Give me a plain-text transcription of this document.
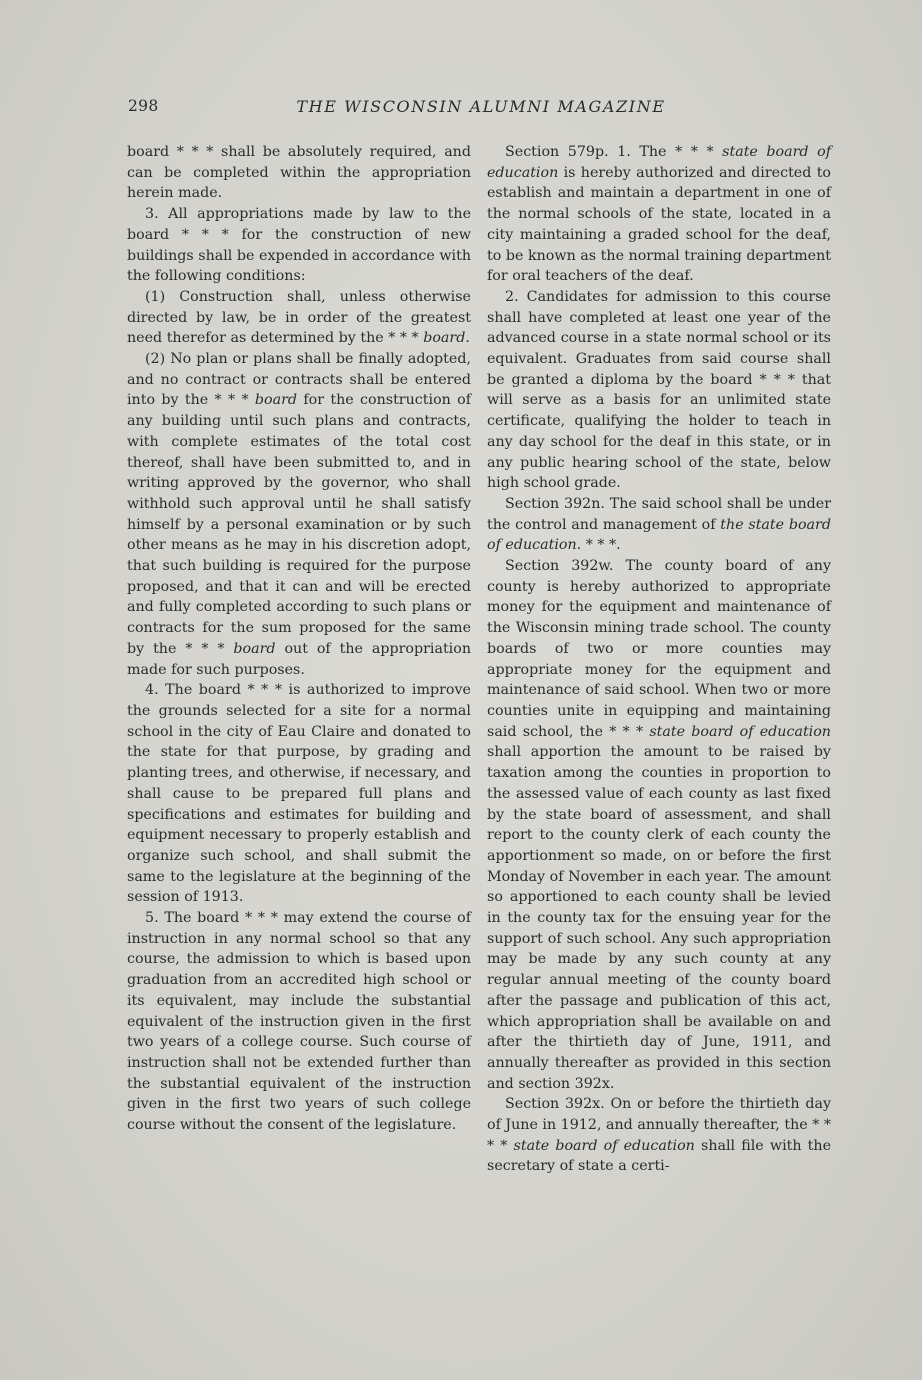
298	THE WISCONSIN ALUMNI MAGAZINE

board * * * shall be absolutely required, and can be completed within the appropriation herein made.

3. All appropriations made by law to the board * * * for the construction of new buildings shall be expended in accordance with the following conditions:

(1) Construction shall, unless otherwise directed by law, be in order of the greatest need therefor as determined by the * * * board.

(2) No plan or plans shall be finally adopted, and no contract or contracts shall be entered into by the * * * board for the construction of any building until such plans and contracts, with complete estimates of the total cost thereof, shall have been submitted to, and in writing approved by the governor, who shall withhold such approval until he shall satisfy himself by a personal examination or by such other means as he may in his discretion adopt, that such building is required for the purpose proposed, and that it can and will be erected and fully completed according to such plans or contracts for the sum proposed for the same by the * * * board out of the appropriation made for such purposes.

4. The board * * * is authorized to improve the grounds selected for a site for a normal school in the city of Eau Claire and donated to the state for that purpose, by grading and planting trees, and otherwise, if necessary, and shall cause to be prepared full plans and specifications and estimates for building and equipment necessary to properly establish and organize such school, and shall submit the same to the legislature at the beginning of the session of 1913.

5. The board * * * may extend the course of instruction in any normal school so that any course, the admission to which is based upon graduation from an accredited high school or its equivalent, may include the substantial equivalent of the instruction given in the first two years of a college course. Such course of instruction shall not be extended further than the substantial equivalent of the instruction given in the first two years of such college course without the consent of the legislature.

Section 579p. 1. The * * * state board of education is hereby authorized and directed to establish and maintain a department in one of the normal schools of the state, located in a city maintaining a graded school for the deaf, to be known as the normal training department for oral teachers of the deaf.

2. Candidates for admission to this course shall have completed at least one year of the advanced course in a state normal school or its equivalent. Graduates from said course shall be granted a diploma by the board * * * that will serve as a basis for an unlimited state certificate, qualifying the holder to teach in any day school for the deaf in this state, or in any public hearing school of the state, below high school grade.

Section 392n. The said school shall be under the control and management of the state board of education. * * *.

Section 392w. The county board of any county is hereby authorized to appropriate money for the equipment and maintenance of the Wisconsin mining trade school. The county boards of two or more counties may appropriate money for the equipment and maintenance of said school. When two or more counties unite in equipping and maintaining said school, the * * * state board of education shall apportion the amount to be raised by taxation among the counties in proportion to the assessed value of each county as last fixed by the state board of assessment, and shall report to the county clerk of each county the apportionment so made, on or before the first Monday of November in each year. The amount so apportioned to each county shall be levied in the county tax for the ensuing year for the support of such school. Any such appropriation may be made by any such county at any regular annual meeting of the county board after the passage and publication of this act, which appropriation shall be available on and after the thirtieth day of June, 1911, and annually thereafter as provided in this section and section 392x.

Section 392x. On or before the thirtieth day of June in 1912, and annually thereafter, the * * * * state board of education shall file with the secretary of state a certi-
